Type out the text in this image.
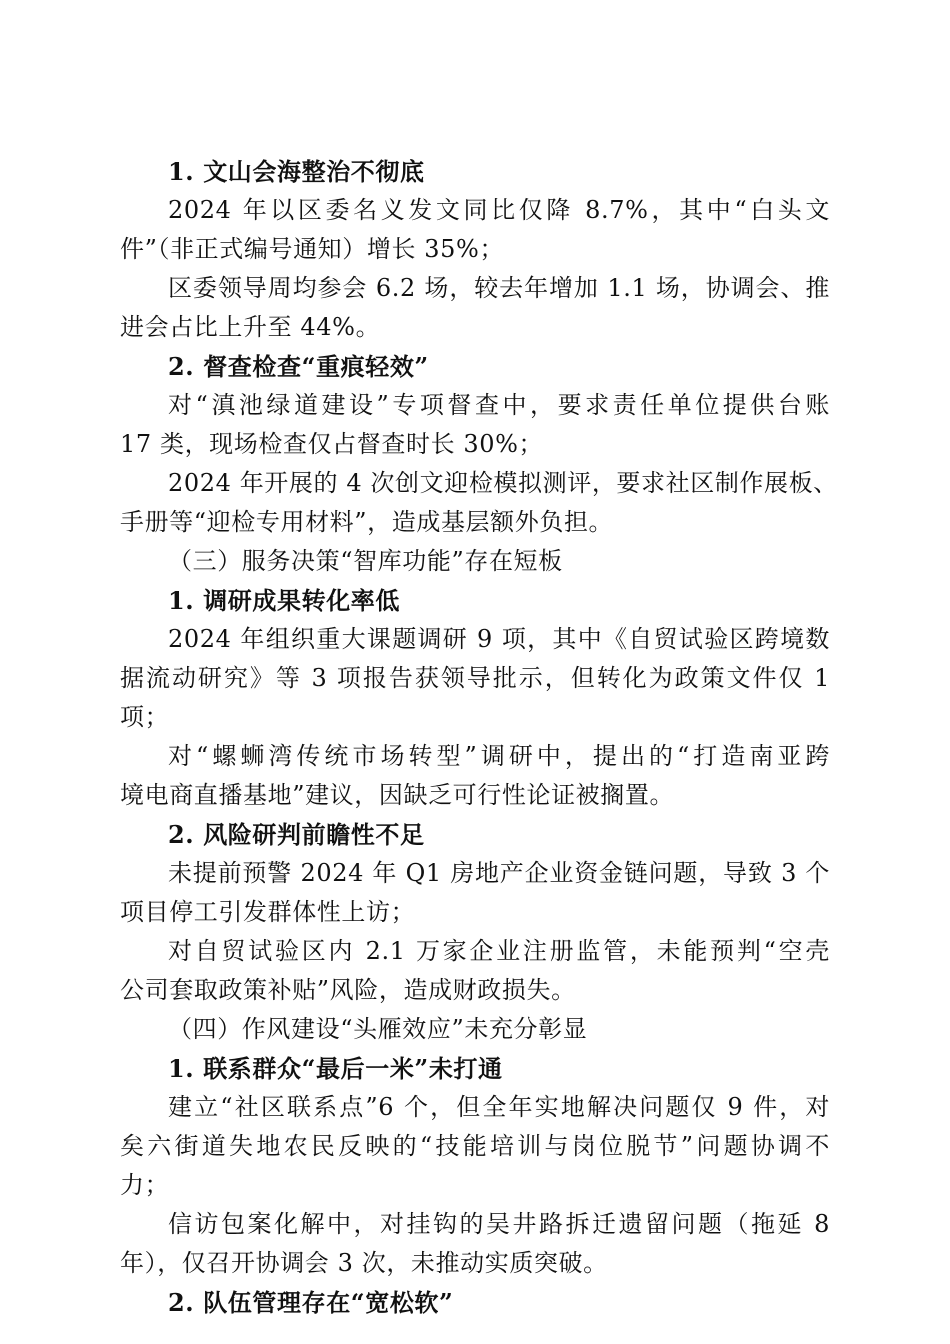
1. 文山会海整治不彻底
2024 年以区委名义发文同比仅降 8.7%，其中“白头文
件”（非正式编号通知）增长 35%；
区委领导周均参会 6.2 场，较去年增加 1.1 场，协调会、推
进会占比上升至 44%。
2. 督查检查“重痕轻效”
对“滇池绿道建设”专项督查中，要求责任单位提供台账
17 类，现场检查仅占督查时长 30%；
2024 年开展的 4 次创文迎检模拟测评，要求社区制作展板、
手册等“迎检专用材料”，造成基层额外负担。
（三）服务决策“智库功能”存在短板
1. 调研成果转化率低
2024 年组织重大课题调研 9 项，其中《自贸试验区跨境数
据流动研究》等 3 项报告获领导批示，但转化为政策文件仅 1
项；
对“螺蛳湾传统市场转型”调研中，提出的“打造南亚跨
境电商直播基地”建议，因缺乏可行性论证被搁置。
2. 风险研判前瞻性不足
未提前预警 2024 年 Q1 房地产企业资金链问题，导致 3 个
项目停工引发群体性上访；
对自贸试验区内 2.1 万家企业注册监管，未能预判“空壳
公司套取政策补贴”风险，造成财政损失。
（四）作风建设“头雁效应”未充分彰显
1. 联系群众“最后一米”未打通
建立“社区联系点”6 个，但全年实地解决问题仅 9 件，对
矣六街道失地农民反映的“技能培训与岗位脱节”问题协调不
力；
信访包案化解中，对挂钩的吴井路拆迁遗留问题（拖延 8
年），仅召开协调会 3 次，未推动实质突破。
2. 队伍管理存在“宽松软”
